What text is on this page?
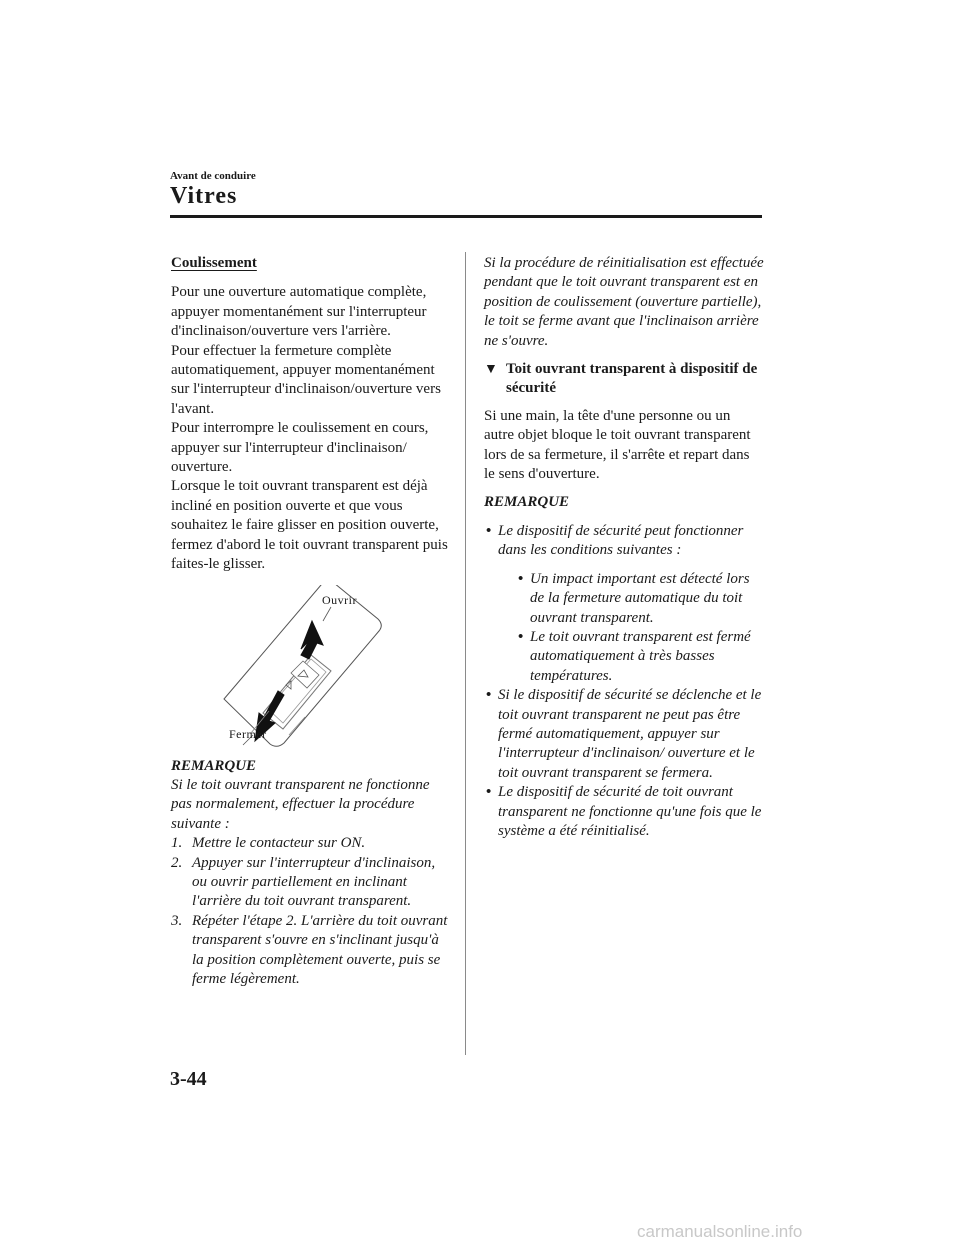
Avant de conduire
Vitres
Coulissement

Pour une ouverture automatique complète, appuyer momentanément sur l'interrupteur d'inclinaison/ouverture vers l'arrière.

Pour effectuer la fermeture complète automatiquement, appuyer momentanément sur l'interrupteur d'inclinaison/ouverture vers l'avant.

Pour interrompre le coulissement en cours, appuyer sur l'interrupteur d'inclinaison/ ouverture.

Lorsque le toit ouvrant transparent est déjà incliné en position ouverte et que vous souhaitez le faire glisser en position ouverte, fermez d'abord le toit ouvrant transparent puis faites-le glisser.

Ouvrir
Fermer

REMARQUE

Si le toit ouvrant transparent ne fonctionne pas normalement, effectuer la procédure suivante :

1. Mettre le contacteur sur ON.
2. Appuyer sur l'interrupteur d'inclinaison, ou ouvrir partiellement en inclinant l'arrière du toit ouvrant transparent.
3. Répéter l'étape 2. L'arrière du toit ouvrant transparent s'ouvre en s'inclinant jusqu'à la position complètement ouverte, puis se ferme légèrement.

Si la procédure de réinitialisation est effectuée pendant que le toit ouvrant transparent est en position de coulissement (ouverture partielle), le toit se ferme avant que l'inclinaison arrière ne s'ouvre.

▼ Toit ouvrant transparent à dispositif de sécurité

Si une main, la tête d'une personne ou un autre objet bloque le toit ouvrant transparent lors de sa fermeture, il s'arrête et repart dans le sens d'ouverture.

REMARQUE

• Le dispositif de sécurité peut fonctionner dans les conditions suivantes :
• Un impact important est détecté lors de la fermeture automatique du toit ouvrant transparent.
• Le toit ouvrant transparent est fermé automatiquement à très basses températures.
• Si le dispositif de sécurité se déclenche et le toit ouvrant transparent ne peut pas être fermé automatiquement, appuyer sur l'interrupteur d'inclinaison/ ouverture et le toit ouvrant transparent se fermera.
• Le dispositif de sécurité de toit ouvrant transparent ne fonctionne qu'une fois que le système a été réinitialisé.
3-44
carmanualsonline.info
